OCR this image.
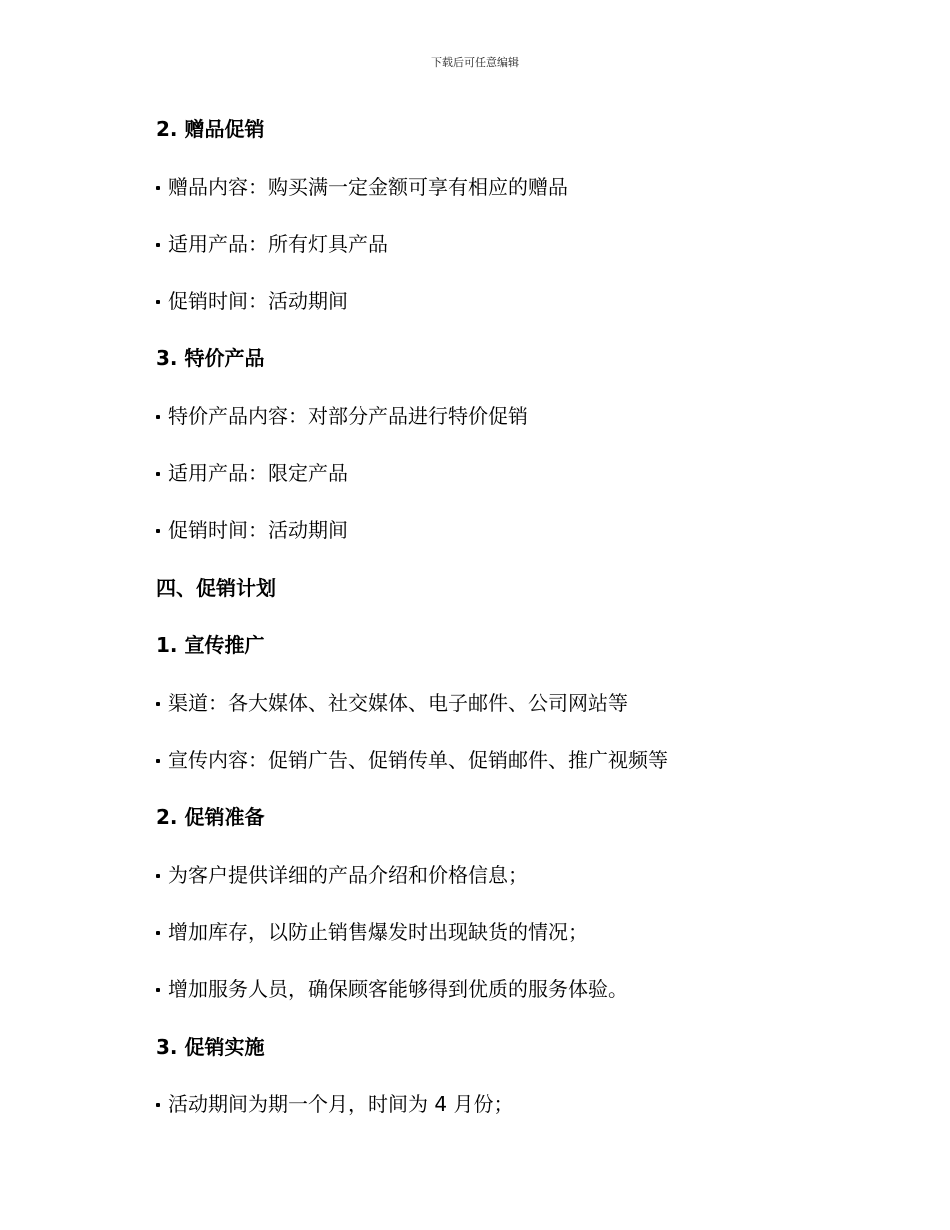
下载后可任意编辑
2. 赠品促销
赠品内容：购买满一定金额可享有相应的赠品
适用产品：所有灯具产品
促销时间：活动期间
3. 特价产品
特价产品内容：对部分产品进行特价促销
适用产品：限定产品
促销时间：活动期间
四、促销计划
1. 宣传推广
渠道：各大媒体、社交媒体、电子邮件、公司网站等
宣传内容：促销广告、促销传单、促销邮件、推广视频等
2. 促销准备
为客户提供详细的产品介绍和价格信息；
增加库存，以防止销售爆发时出现缺货的情况；
增加服务人员，确保顾客能够得到优质的服务体验。
3. 促销实施
活动期间为期一个月，时间为 4 月份；
